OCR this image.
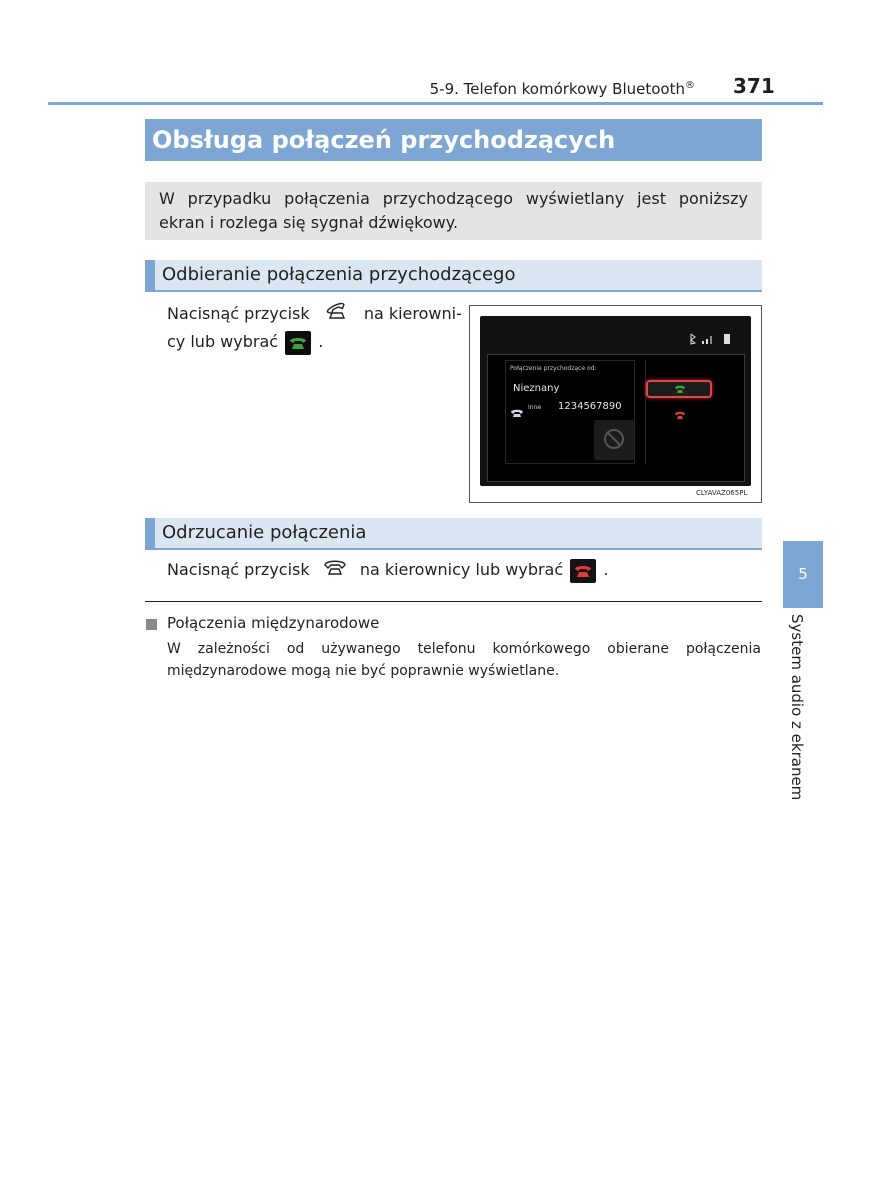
5-9. Telefon komórkowy Bluetooth® 371
Obsługa połączeń przychodzących
W przypadku połączenia przychodzącego wyświetlany jest poniższy ekran i rozlega się sygnał dźwiękowy.
Odbieranie połączenia przychodzącego
Nacisnąć przycisk	na kierowni-
cy lub wybrać	.
Połączenie przychodzące od:
Nieznany
Inne 1234567890
CLYAVAZ065PL
Odrzucanie połączenia
Nacisnąć przycisk	na kierownicy lub wybrać	.
Połączenia międzynarodowe
W zależności od używanego telefonu komórkowego obierane połączenia międzynarodowe mogą nie być poprawnie wyświetlane.
5
System audio z ekranem
